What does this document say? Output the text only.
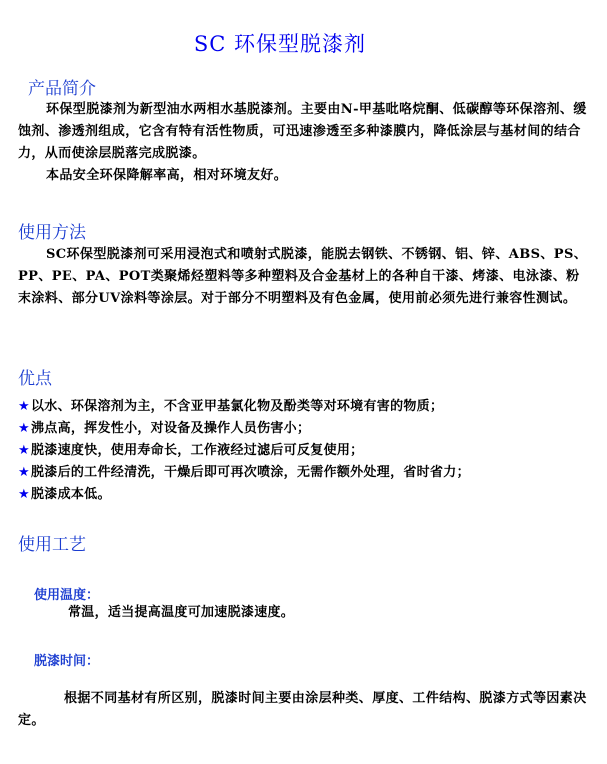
SC 环保型脱漆剂
产品简介
环保型脱漆剂为新型油水两相水基脱漆剂。主要由N-甲基吡咯烷酮、低碳醇等环保溶剂、缓蚀剂、渗透剂组成，它含有特有活性物质，可迅速渗透至多种漆膜内，降低涂层与基材间的结合力，从而使涂层脱落完成脱漆。
本品安全环保降解率高，相对环境友好。
使用方法
SC环保型脱漆剂可采用浸泡式和喷射式脱漆，能脱去钢铁、不锈钢、铝、锌、ABS、PS、PP、PE、PA、POT类聚烯烃塑料等多种塑料及合金基材上的各种自干漆、烤漆、电泳漆、粉末涂料、部分UV涂料等涂层。对于部分不明塑料及有色金属，使用前必须先进行兼容性测试。
优点
★以水、环保溶剂为主，不含亚甲基氯化物及酚类等对环境有害的物质；
★沸点高，挥发性小，对设备及操作人员伤害小；
★脱漆速度快，使用寿命长，工作液经过滤后可反复使用；
★脱漆后的工件经清洗，干燥后即可再次喷涂，无需作额外处理，省时省力；
★脱漆成本低。
使用工艺
使用温度：
常温，适当提高温度可加速脱漆速度。
脱漆时间：
根据不同基材有所区别，脱漆时间主要由涂层种类、厚度、工件结构、脱漆方式等因素决定。
